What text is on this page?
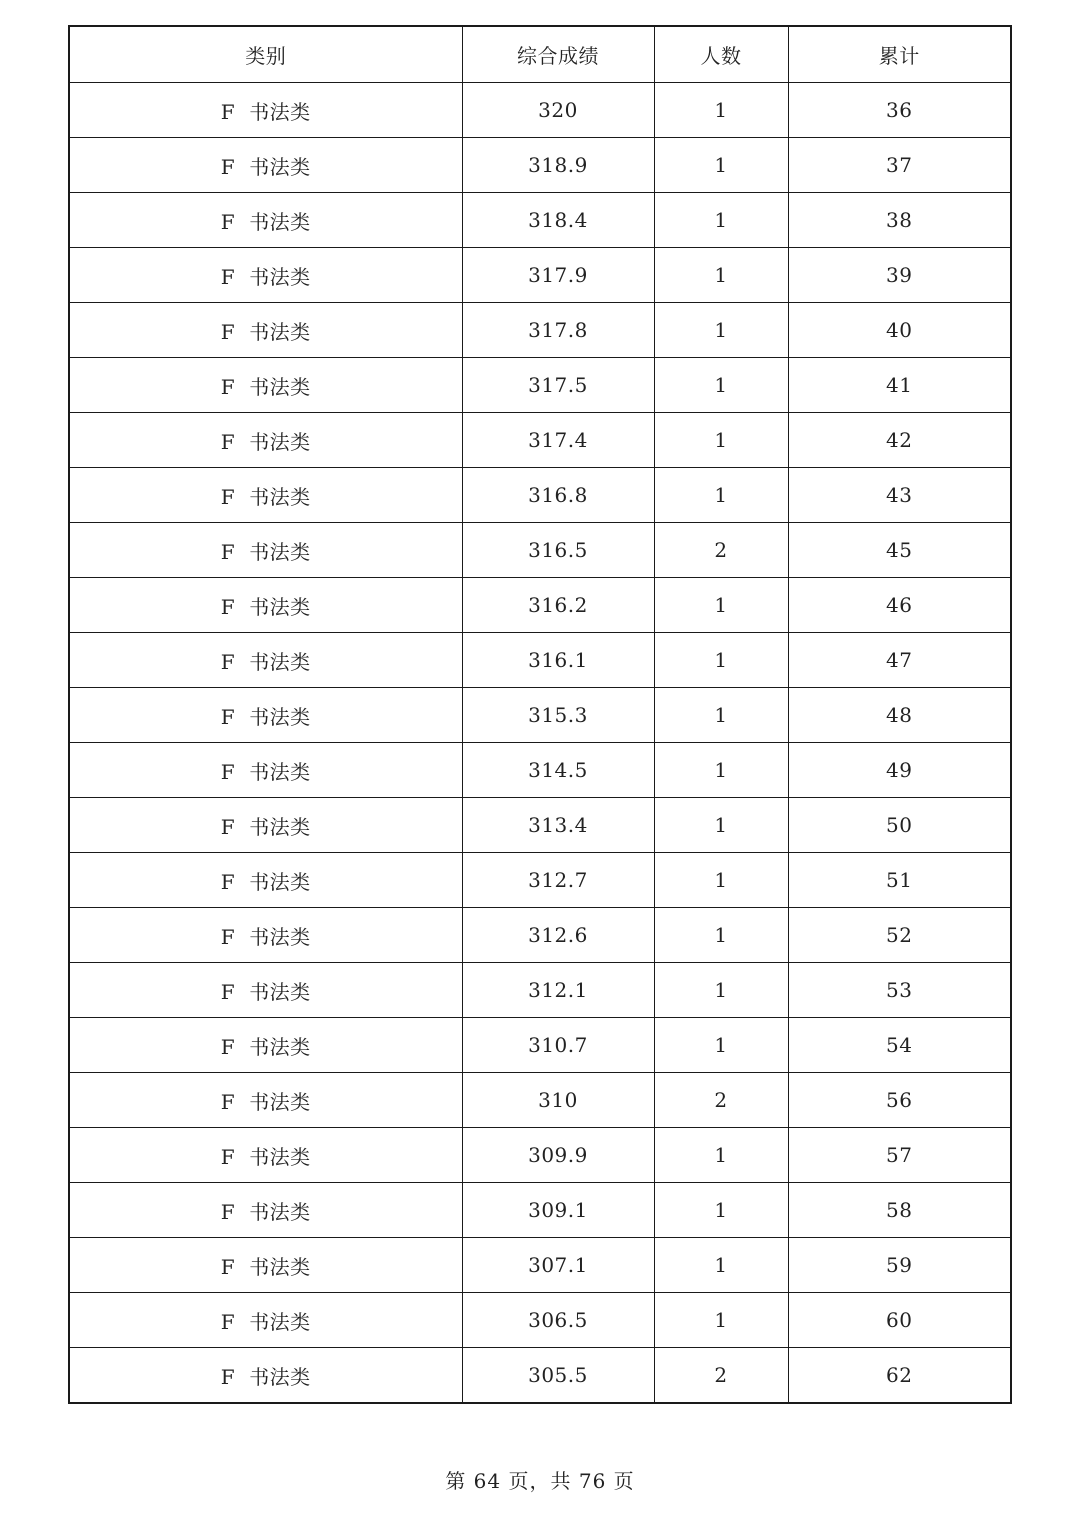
类别	综合成绩	人数	累计
F 书法类	320	1	36
F 书法类	318.9	1	37
F 书法类	318.4	1	38
F 书法类	317.9	1	39
F 书法类	317.8	1	40
F 书法类	317.5	1	41
F 书法类	317.4	1	42
F 书法类	316.8	1	43
F 书法类	316.5	2	45
F 书法类	316.2	1	46
F 书法类	316.1	1	47
F 书法类	315.3	1	48
F 书法类	314.5	1	49
F 书法类	313.4	1	50
F 书法类	312.7	1	51
F 书法类	312.6	1	52
F 书法类	312.1	1	53
F 书法类	310.7	1	54
F 书法类	310	2	56
F 书法类	309.9	1	57
F 书法类	309.1	1	58
F 书法类	307.1	1	59
F 书法类	306.5	1	60
F 书法类	305.5	2	62
第 64 页，共 76 页
